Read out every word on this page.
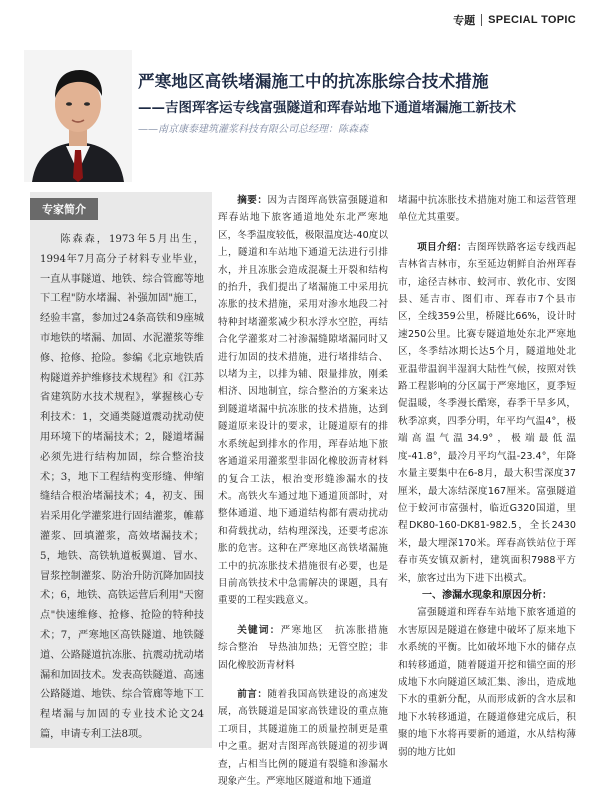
专题 SPECIAL TOPIC
严寒地区高铁堵漏施工中的抗冻胀综合技术措施
——吉图珲客运专线富强隧道和珲春站地下通道堵漏施工新技术
——南京康泰建筑灌浆科技有限公司总经理：陈森森
专家简介
陈森森，1973年5月出生，1994年7月高分子材料专业毕业，一直从事隧道、地铁、综合管廊等地下工程"防水堵漏、补强加固"施工，经验丰富，参加过24条高铁和9座城市地铁的堵漏、加固、水泥灌浆等维修、抢修、抢险。参编《北京地铁盾构隧道养护维修技术规程》和《江苏省建筑防水技术规程》，掌握核心专利技术：1，交通类隧道震动扰动使用环境下的堵漏技术；2，隧道堵漏必须先进行结构加固，综合整治技术；3，地下工程结构变形缝、伸缩缝结合根治堵漏技术；4，初支、围岩采用化学灌浆进行固结灌浆，帷幕灌浆、回填灌浆，高效堵漏技术；5，地铁、高铁轨道板翼道、冒水、冒浆控制灌浆、防治升防沉降加固技术；6，地铁、高铁运营后利用"天窗点"快速维修、抢修、抢险的特种技术；7，严寒地区高铁隧道、地铁隧道、公路隧道抗冻胀、抗震动扰动堵漏和加固技术。发表高铁隧道、高速公路隧道、地铁、综合管廊等地下工程堵漏与加固的专业技术论文24篇，申请专利工法8项。

摘要：因为吉图珲高铁富强隧道和珲春站地下旅客通道地处东北严寒地区，冬季温度较低，极限温度达-40度以上，隧道和车站地下通道无法进行引排水，并且冻胀会造成混凝土开裂和结构的抬升，我们提出了堵漏施工中采用抗冻胀的技术措施，采用对渗水地段二衬特种封堵灌浆减少积水浮水空腔，再结合化学灌浆对二衬渗漏缝隙堵漏同时又进行加固的技术措施，进行堵排结合、以堵为主，以排为辅、限量排放，刚柔相济、因地制宜，综合整治的方案来达到隧道堵漏中抗冻胀的技术措施，达到隧道原来设计的要求，让隧道原有的排水系统起到排水的作用，珲春站地下旅客通道采用灌浆型非固化橡胶沥青材料的复合工法，根治变形缝渗漏水的技术。高铁火车通过地下通道顶部时，对整体通道、地下通道结构都有震动扰动和荷载扰动，结构理深浅，还要考虑冻胀的危害。这种在严寒地区高铁堵漏施工中的抗冻胀技术措施很有必要，也是目前高铁技术中急需解决的课题，具有重要的工程实践意义。

关键词：严寒地区　抗冻胀措施　综合整治　导热油加热；无管空腔；非固化橡胶沥青材料

前言：随着我国高铁建设的高速发展，高铁隧道是国家高铁建设的重点施工项目，其隧道施工的质量控制更是重中之重。据对吉图珲高铁隧道的初步调查，占相当比例的隧道有裂缝和渗漏水现象产生。严寒地区隧道和地下通道

堵漏中抗冻胀技术措施对施工和运营管理单位尤其重要。

项目介绍：吉图珲铁路客运专线西起吉林省吉林市，东至延边朝鲜自治州珲春市，途径吉林市、蛟河市、敦化市、安图县、延吉市、图们市、珲春市7个县市区，全线359公里，桥隧比66%，设计时速250公里。比赛专隧道地处东北严寒地区，冬季结冰期长达5个月，隧道地处北亚温带温润半湿润大陆性气候，按照对铁路工程影响的分区属于严寒地区，夏季短促温暖，冬季漫长酷寒，春季干旱多风，秋季凉爽，四季分明，年平均气温4°，极端高温气温34.9°，极端最低温度-41.8°，最冷月平均气温-23.4°，年降水量主要集中在6-8月，最大积雪深度37厘米，最大冻结深度167厘米。富强隧道位于蛟河市富强村，临近G320国道，里程DK80-160-DK81-982.5，全长2430米，最大埋深170米。珲春高铁站位于珲春市英安镇双新村，建筑面积7988平方米，旅客过出为下进下出模式。

一、渗漏水现象和原因分析：

富强隧道和珲春车站地下旅客通道的水害原因是隧道在修建中破坏了原来地下水系统的平衡。比如破坏地下水的储存点和转移通道，随着隧道开挖和锚空面的形成地下水向隧道区域汇集、渗出，造成地下水的重新分配，从而形成新的含水层和地下水转移通道，在隧道修建完成后，积聚的地下水将再要新的通道，水从结构薄弱的地方比如
